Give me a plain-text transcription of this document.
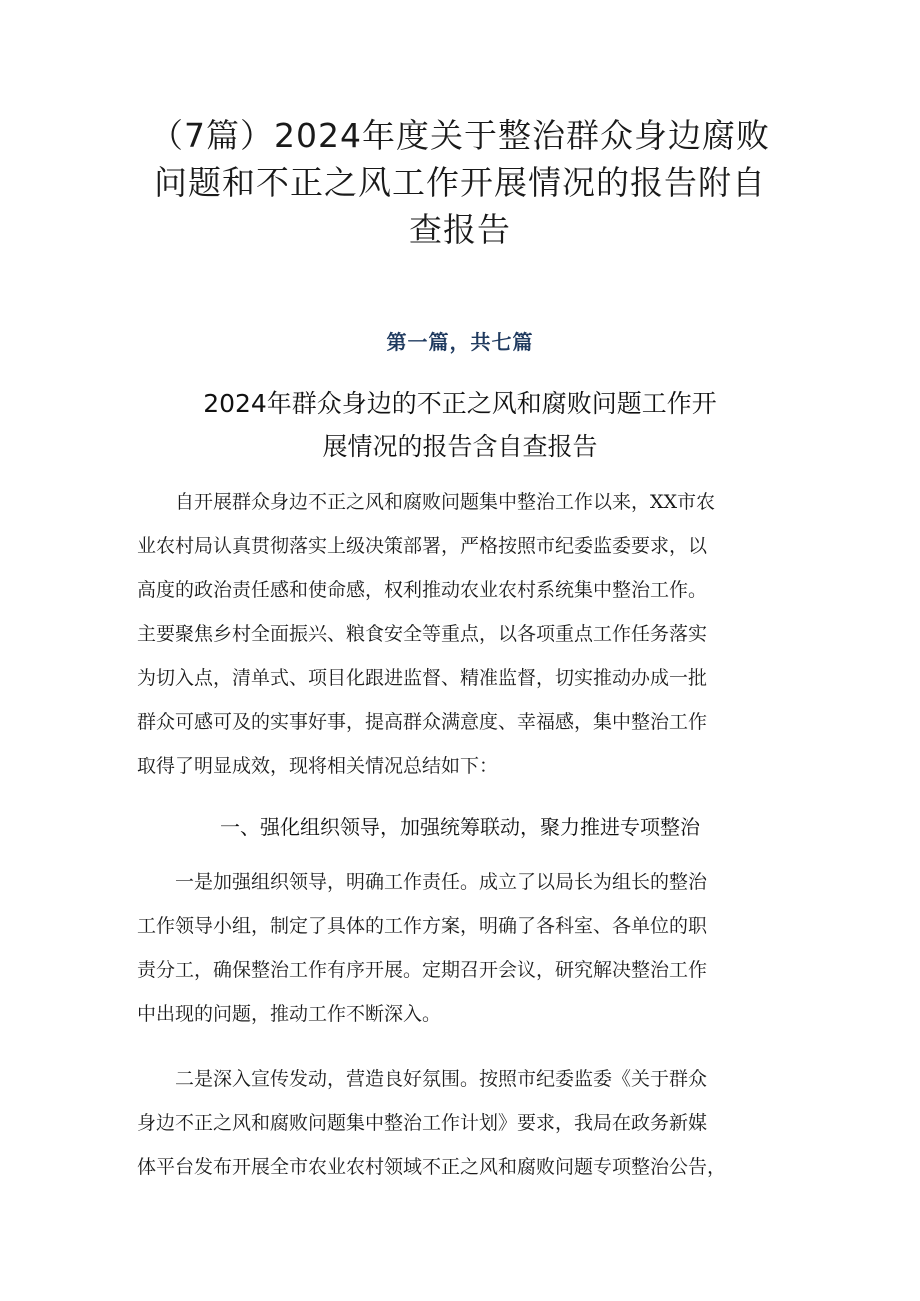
（7篇）2024年度关于整治群众身边腐败
问题和不正之风工作开展情况的报告附自
查报告
第一篇，共七篇
2024年群众身边的不正之风和腐败问题工作开
展情况的报告含自查报告

　　自开展群众身边不正之风和腐败问题集中整治工作以来，XX市农
业农村局认真贯彻落实上级决策部署，严格按照市纪委监委要求，以
高度的政治责任感和使命感，权利推动农业农村系统集中整治工作。
主要聚焦乡村全面振兴、粮食安全等重点，以各项重点工作任务落实
为切入点，清单式、项目化跟进监督、精准监督，切实推动办成一批
群众可感可及的实事好事，提高群众满意度、幸福感，集中整治工作
取得了明显成效，现将相关情况总结如下：

一、强化组织领导，加强统筹联动，聚力推进专项整治

　　一是加强组织领导，明确工作责任。成立了以局长为组长的整治
工作领导小组，制定了具体的工作方案，明确了各科室、各单位的职
责分工，确保整治工作有序开展。定期召开会议，研究解决整治工作
中出现的问题，推动工作不断深入。

　　二是深入宣传发动，营造良好氛围。按照市纪委监委《关于群众
身边不正之风和腐败问题集中整治工作计划》要求，我局在政务新媒
体平台发布开展全市农业农村领域不正之风和腐败问题专项整治公告，
